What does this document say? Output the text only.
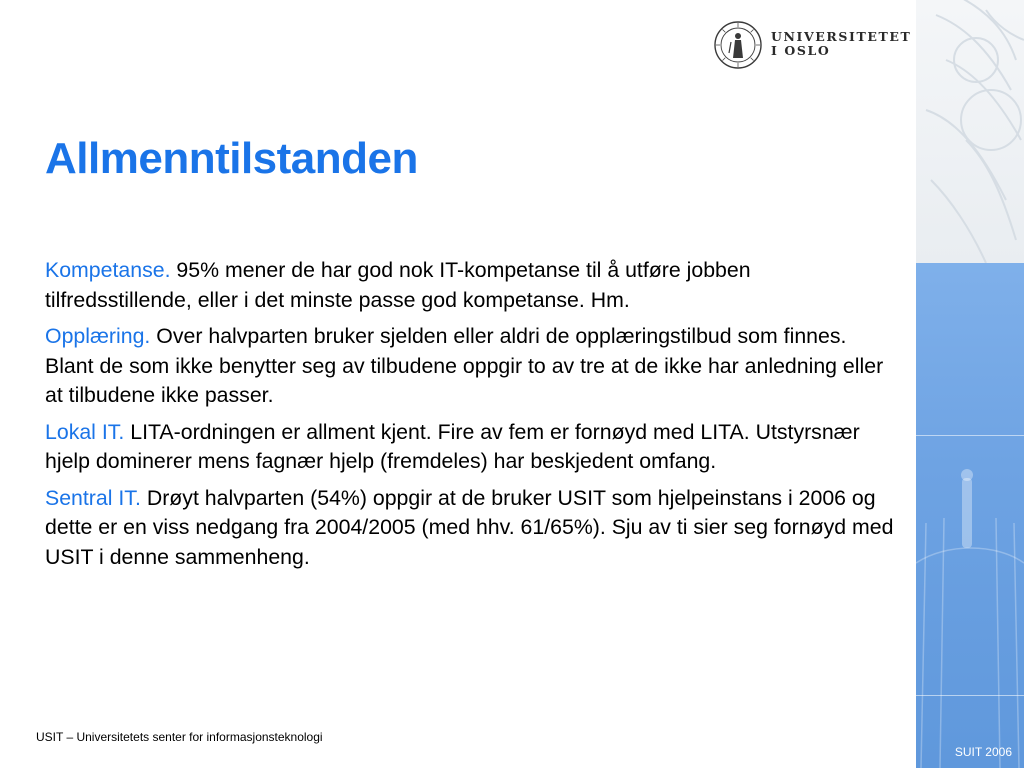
SUIT 2006
UNIVERSITETET
I OSLO
Allmenntilstanden

Kompetanse. 95% mener de har god nok IT-kompetanse til å utføre jobben tilfredsstillende, eller i det minste passe god kompetanse. Hm.

Opplæring. Over halvparten bruker sjelden eller aldri de opplæringstilbud som finnes. Blant de som ikke benytter seg av tilbudene oppgir to av tre at de ikke har anledning eller at tilbudene ikke passer.

Lokal IT. LITA-ordningen er allment kjent. Fire av fem er fornøyd med LITA. Utstyrsnær hjelp dominerer mens fagnær hjelp (fremdeles) har beskjedent omfang.

Sentral IT. Drøyt halvparten (54%) oppgir at de bruker USIT som hjelpeinstans i 2006 og dette er en viss nedgang fra 2004/2005 (med hhv. 61/65%). Sju av ti sier seg fornøyd med USIT i denne sammenheng.

USIT – Universitetets senter for informasjonsteknologi
